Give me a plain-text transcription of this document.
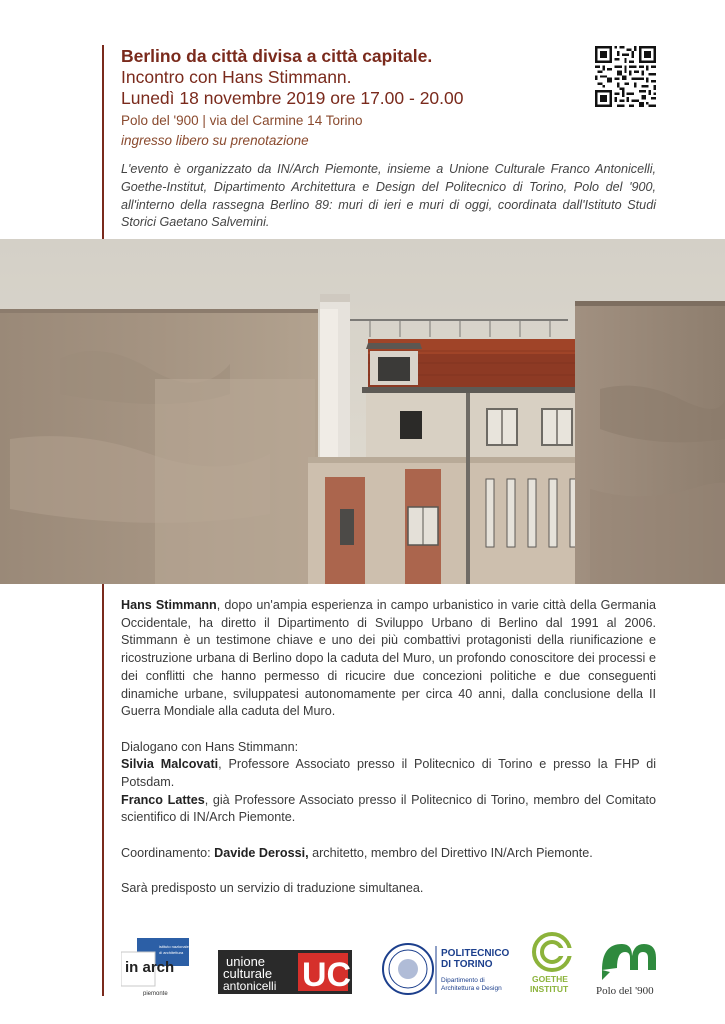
Berlino da città divisa a città capitale.
Incontro con Hans Stimmann.
Lunedì 18 novembre 2019 ore 17.00 - 20.00
Polo del '900 | via del Carmine 14 Torino
ingresso libero su prenotazione
L'evento è organizzato da IN/Arch Piemonte, insieme a Unione Culturale Franco Antonicelli, Goethe-Institut, Dipartimento Architettura e Design del Politecnico di Torino, Polo del '900, all'interno della rassegna Berlino 89: muri di ieri e muri di oggi, coordinata dall'Istituto Studi Storici Gaetano Salvemini.

Hans Stimmann, dopo un'ampia esperienza in campo urbanistico in varie città della Germania Occidentale, ha diretto il Dipartimento di Sviluppo Urbano di Berlino dal 1991 al 2006. Stimmann è un testimone chiave e uno dei più combattivi protagonisti della riunificazione e ricostruzione urbana di Berlino dopo la caduta del Muro, un profondo conoscitore dei processi e dei conflitti che hanno permesso di ricucire due concezioni politiche e due conseguenti dinamiche urbane, sviluppatesi autonomamente per circa 40 anni, dalla conclusione della II Guerra Mondiale alla caduta del Muro.

Dialogano con Hans Stimmann:

Silvia Malcovati, Professore Associato presso il Politecnico di Torino e presso la FHP di Potsdam.

Franco Lattes, già Professore Associato presso il Politecnico di Torino, membro del Comitato scientifico di IN/Arch Piemonte.

Coordinamento: Davide Derossi, architetto, membro del Direttivo IN/Arch Piemonte.

Sarà predisposto un servizio di traduzione simultanea.

in arch
istituto nazionale
di architettura
piemonte
unione
culturale
antonicelli UC
POLITECNICO
DI TORINO
Dipartimento di
Architettura e Design
GOETHE
INSTITUT	Polo del '900
